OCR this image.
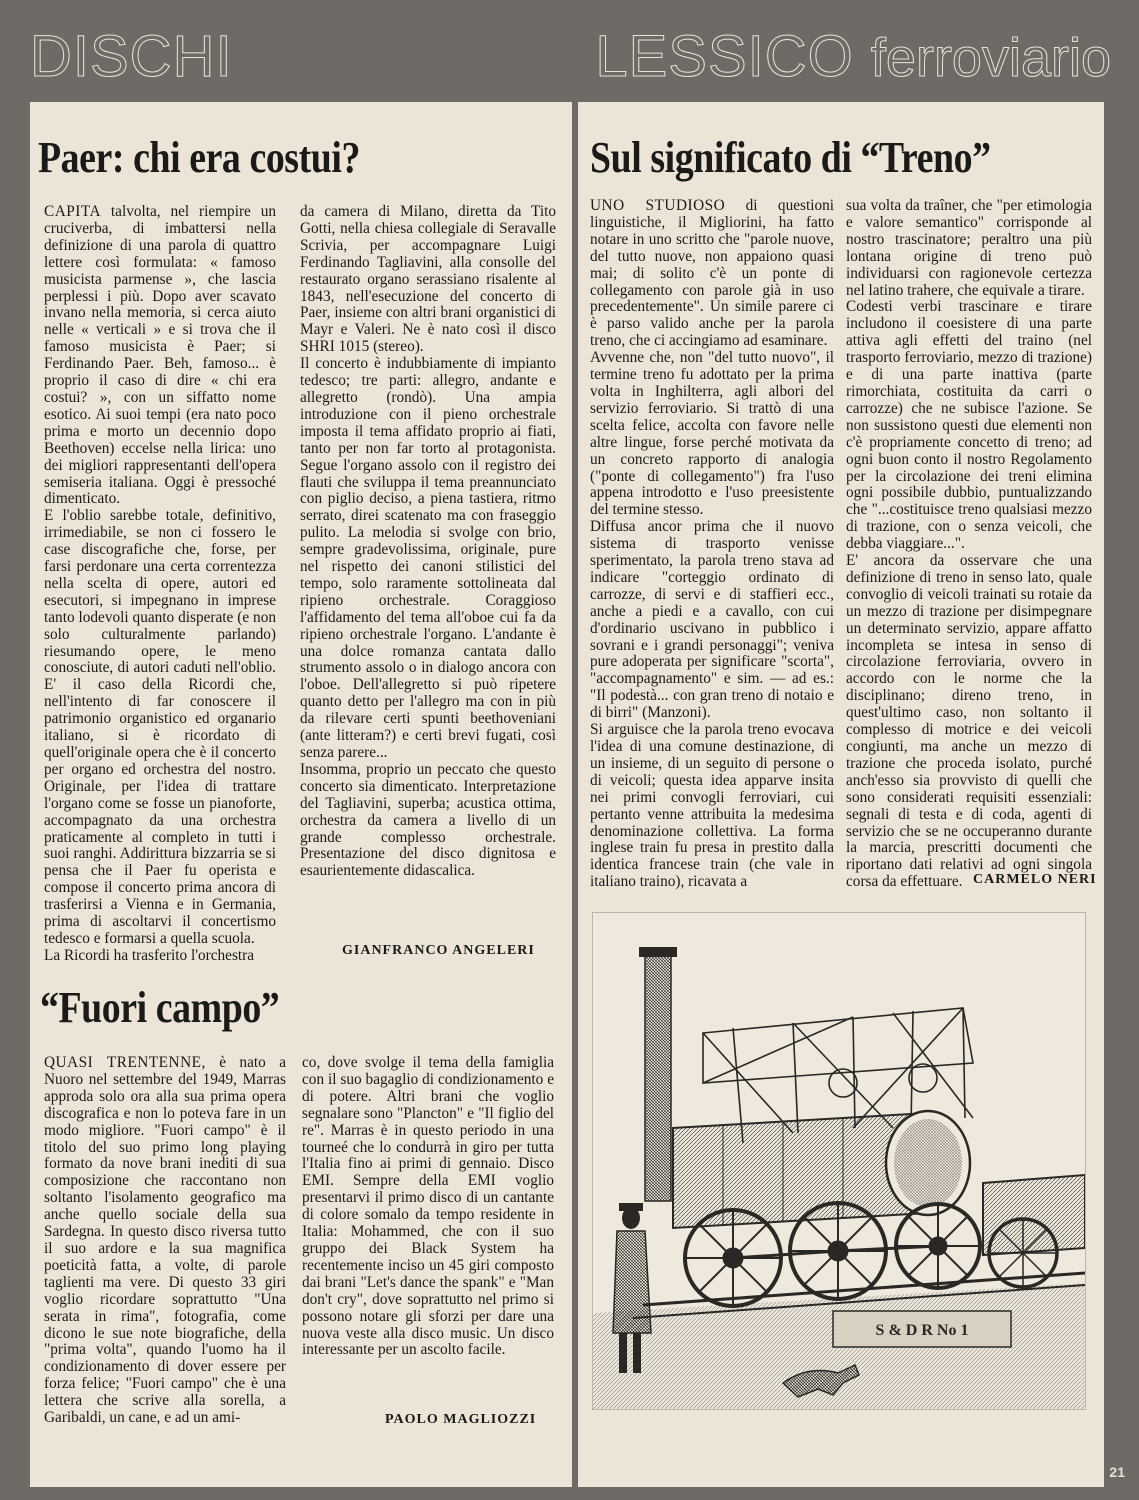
DISCHI	LESSICO ferroviario
Paer: chi era costui?

CAPITA talvolta, nel riempire un cruciverba, di imbattersi nella definizione di una parola di quattro lettere così formulata: « famoso musicista parmense », che lascia perplessi i più. Dopo aver scavato invano nella memoria, si cerca aiuto nelle « verticali » e si trova che il famoso musicista è Paer; si Ferdinando Paer. Beh, famoso... è proprio il caso di dire « chi era costui? », con un siffatto nome esotico. Ai suoi tempi (era nato poco prima e morto un decennio dopo Beethoven) eccelse nella lirica: uno dei migliori rappresentanti dell'opera semiseria italiana. Oggi è pressoché dimenticato.

E l'oblio sarebbe totale, definitivo, irrimediabile, se non ci fossero le case discografiche che, forse, per farsi perdonare una certa correntezza nella scelta di opere, autori ed esecutori, si impegnano in imprese tanto lodevoli quanto disperate (e non solo culturalmente parlando) riesumando opere, le meno conosciute, di autori caduti nell'oblio. E' il caso della Ricordi che, nell'intento di far conoscere il patrimonio organistico ed organario italiano, si è ricordato di quell'originale opera che è il concerto per organo ed orchestra del nostro. Originale, per l'idea di trattare l'organo come se fosse un pianoforte, accompagnato da una orchestra praticamente al completo in tutti i suoi ranghi. Addirittura bizzarria se si pensa che il Paer fu operista e compose il concerto prima ancora di trasferirsi a Vienna e in Germania, prima di ascoltarvi il concertismo tedesco e formarsi a quella scuola.

La Ricordi ha trasferito l'orchestra

da camera di Milano, diretta da Tito Gotti, nella chiesa collegiale di Seravalle Scrivia, per accompagnare Luigi Ferdinando Tagliavini, alla consolle del restaurato organo serassiano risalente al 1843, nell'esecuzione del concerto di Paer, insieme con altri brani organistici di Mayr e Valeri. Ne è nato così il disco SHRI 1015 (stereo).

Il concerto è indubbiamente di impianto tedesco; tre parti: allegro, andante e allegretto (rondò). Una ampia introduzione con il pieno orchestrale imposta il tema affidato proprio ai fiati, tanto per non far torto al protagonista. Segue l'organo assolo con il registro dei flauti che sviluppa il tema preannunciato con piglio deciso, a piena tastiera, ritmo serrato, direi scatenato ma con fraseggio pulito. La melodia si svolge con brio, sempre gradevolissima, originale, pure nel rispetto dei canoni stilistici del tempo, solo raramente sottolineata dal ripieno orchestrale. Coraggioso l'affidamento del tema all'oboe cui fa da ripieno orchestrale l'organo. L'andante è una dolce romanza cantata dallo strumento assolo o in dialogo ancora con l'oboe. Dell'allegretto si può ripetere quanto detto per l'allegro ma con in più da rilevare certi spunti beethoveniani (ante litteram?) e certi brevi fugati, così senza parere...

Insomma, proprio un peccato che questo concerto sia dimenticato. Interpretazione del Tagliavini, superba; acustica ottima, orchestra da camera a livello di un grande complesso orchestrale. Presentazione del disco dignitosa e esaurientemente didascalica.

GIANFRANCO ANGELERI
“Fuori campo”

QUASI TRENTENNE, è nato a Nuoro nel settembre del 1949, Marras approda solo ora alla sua prima opera discografica e non lo poteva fare in un modo migliore. "Fuori campo" è il titolo del suo primo long playing formato da nove brani inediti di sua composizione che raccontano non soltanto l'isolamento geografico ma anche quello sociale della sua Sardegna. In questo disco riversa tutto il suo ardore e la sua magnifica poeticità fatta, a volte, di parole taglienti ma vere. Di questo 33 giri voglio ricordare soprattutto "Una serata in rima", fotografia, come dicono le sue note biografiche, della "prima volta", quando l'uomo ha il condizionamento di dover essere per forza felice; "Fuori campo" che è una lettera che scrive alla sorella, a Garibaldi, un cane, e ad un ami-

co, dove svolge il tema della famiglia con il suo bagaglio di condizionamento e di potere. Altri brani che voglio segnalare sono "Plancton" e "Il figlio del re". Marras è in questo periodo in una tourneé che lo condurrà in giro per tutta l'Italia fino ai primi di gennaio. Disco EMI. Sempre della EMI voglio presentarvi il primo disco di un cantante di colore somalo da tempo residente in Italia: Mohammed, che con il suo gruppo dei Black System ha recentemente inciso un 45 giri composto dai brani "Let's dance the spank" e "Man don't cry", dove soprattutto nel primo si possono notare gli sforzi per dare una nuova veste alla disco music. Un disco interessante per un ascolto facile.

PAOLO MAGLIOZZI
Sul significato di “Treno”

UNO STUDIOSO di questioni linguistiche, il Migliorini, ha fatto notare in uno scritto che "parole nuove, del tutto nuove, non appaiono quasi mai; di solito c'è un ponte di collegamento con parole già in uso precedentemente". Un simile parere ci è parso valido anche per la parola treno, che ci accingiamo ad esaminare.

Avvenne che, non "del tutto nuovo", il termine treno fu adottato per la prima volta in Inghilterra, agli albori del servizio ferroviario. Si trattò di una scelta felice, accolta con favore nelle altre lingue, forse perché motivata da un concreto rapporto di analogia ("ponte di collegamento") fra l'uso appena introdotto e l'uso preesistente del termine stesso.

Diffusa ancor prima che il nuovo sistema di trasporto venisse sperimentato, la parola treno stava ad indicare "corteggio ordinato di carrozze, di servi e di staffieri ecc., anche a piedi e a cavallo, con cui d'ordinario uscivano in pubblico i sovrani e i grandi personaggi"; veniva pure adoperata per significare "scorta", "accompagnamento" e sim. — ad es.: "Il podestà... con gran treno di notaio e di birri" (Manzoni).

Si arguisce che la parola treno evocava l'idea di una comune destinazione, di un insieme, di un seguito di persone o di veicoli; questa idea apparve insita nei primi convogli ferroviari, cui pertanto venne attribuita la medesima denominazione collettiva. La forma inglese train fu presa in prestito dalla identica francese train (che vale in italiano traino), ricavata a

sua volta da traîner, che "per etimologia e valore semantico" corrisponde al nostro trascinatore; peraltro una più lontana origine di treno può individuarsi con ragionevole certezza nel latino trahere, che equivale a tirare.

Codesti verbi trascinare e tirare includono il coesistere di una parte attiva agli effetti del traino (nel trasporto ferroviario, mezzo di trazione) e di una parte inattiva (parte rimorchiata, costituita da carri o carrozze) che ne subisce l'azione. Se non sussistono questi due elementi non c'è propriamente concetto di treno; ad ogni buon conto il nostro Regolamento per la circolazione dei treni elimina ogni possibile dubbio, puntualizzando che "...costituisce treno qualsiasi mezzo di trazione, con o senza veicoli, che debba viaggiare...".

E' ancora da osservare che una definizione di treno in senso lato, quale convoglio di veicoli trainati su rotaie da un mezzo di trazione per disimpegnare un determinato servizio, appare affatto incompleta se intesa in senso di circolazione ferroviaria, ovvero in accordo con le norme che la disciplinano; direno treno, in quest'ultimo caso, non soltanto il complesso di motrice e dei veicoli congiunti, ma anche un mezzo di trazione che proceda isolato, purché anch'esso sia provvisto di quelli che sono considerati requisiti essenziali: segnali di testa e di coda, agenti di servizio che se ne occuperanno durante la marcia, prescritti documenti che riportano dati relativi ad ogni singola corsa da effettuare. CARMELO NERI
S & D R No 1
21
